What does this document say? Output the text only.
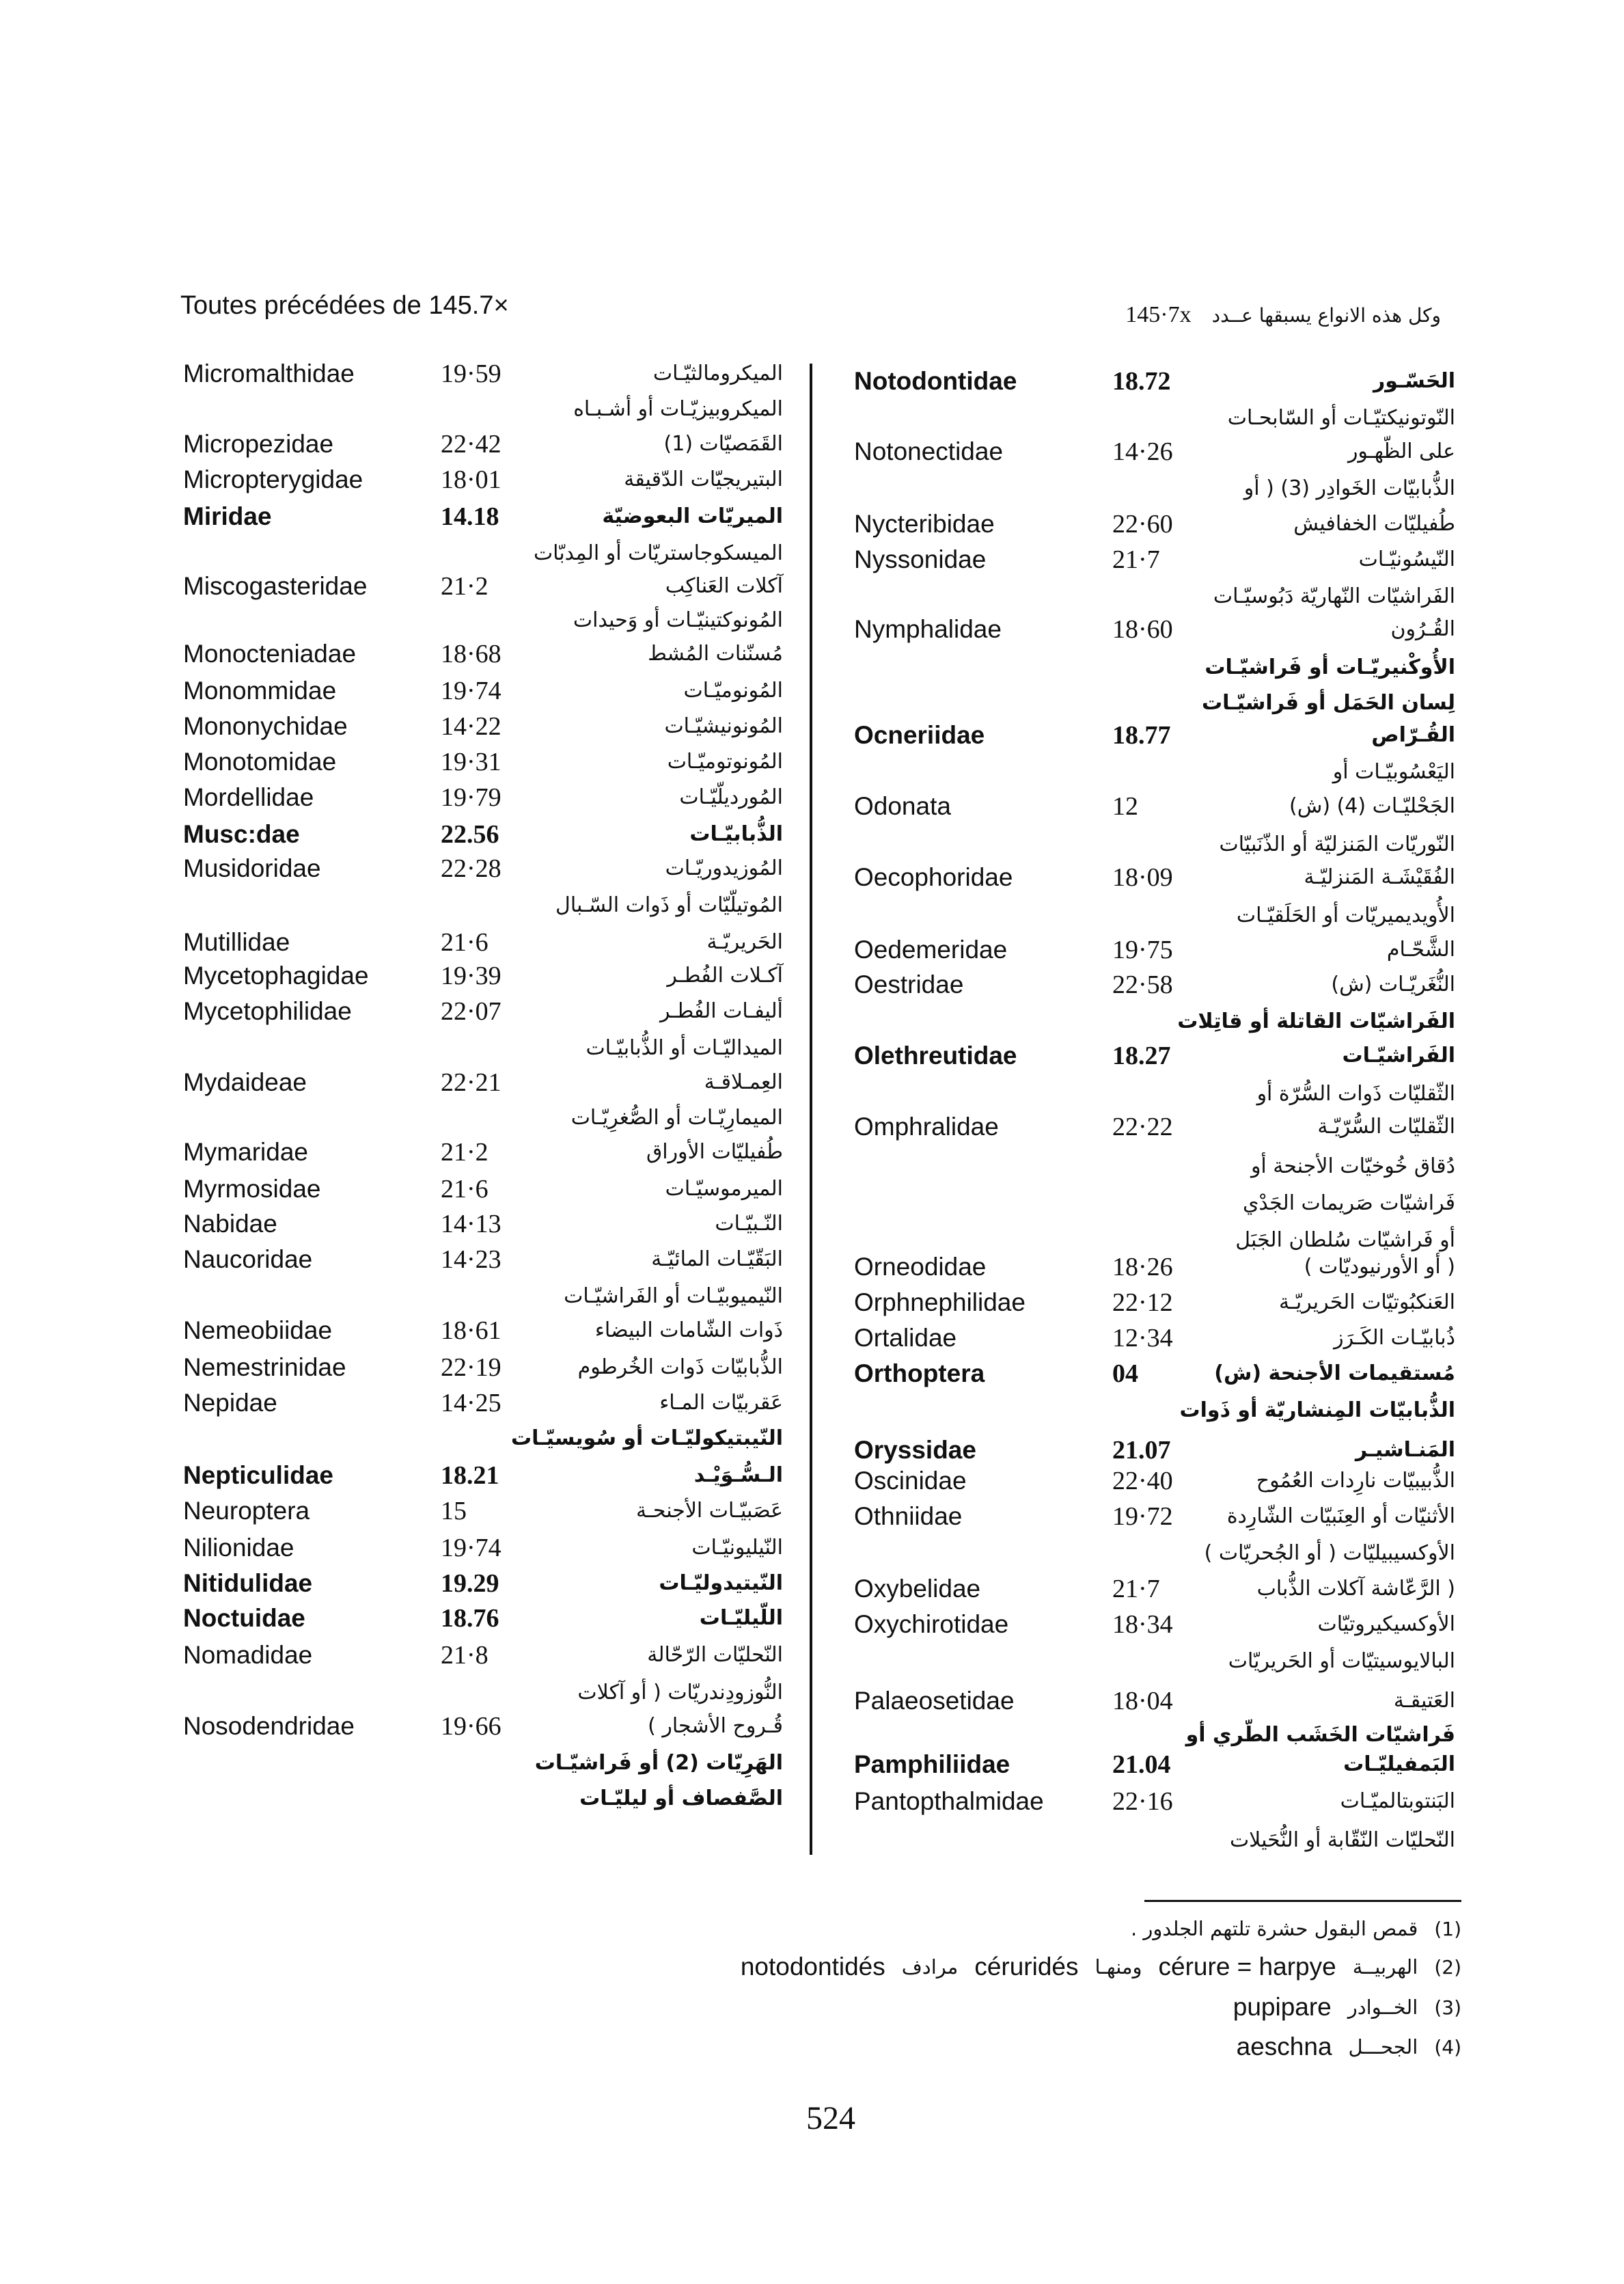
Toutes précédées de 145.7×	وكل هذه الانواع يسبقها عــدد
145·7x
Micromalthidae	19·59	الميكرومالثيّـات
الميكروبيزيّـات أو أشـبـاه
Micropezidae	22·42	القَمَصيّات (1)
Micropterygidae	18·01	البتيريجيّات الدّقيقة
Miridae	14.18	الميريّات البعوضيّة
الميسكوجاستريّات أو المِدبّات
Miscogasteridae	21·2	آكلات العَناكِب
المُونوكتينيّـات أو وَحيدات
Monocteniadae	18·68	مُسنّنات المُشط
Monommidae	19·74	المُونوميّـات
Mononychidae	14·22	المُونونيشيّـات
Monotomidae	19·31	المُونوتوميّـات
Mordellidae	19·79	المُورديلّيّـات
Musc:dae	22.56	الذُّبابيّـات
Musidoridae	22·28	المُوزيدوريّـات
المُوتيلّيّات أو ذَوات السّـبال
Mutillidae	21·6	الحَريريّـة
Mycetophagidae	19·39	آكـلات الفُطـر
Mycetophilidae	22·07	أليفـات الفُطـر
الميداليّـات أو الذُّبابيّـات
Mydaideae	22·21	العِمـلاقـة
الميمارِيّـات أو الصُّغرِيّـات
Mymaridae	21·2	طُفيليّات الأوراق
Myrmosidae	21·6	الميرموسيّـات
Nabidae	14·13	النّـبيّـات
Naucoridae	14·23	البَقّيّـات المائيّـة
النّيميوبيّـات أو الفَراشيّـات
Nemeobiidae	18·61	ذَوات الشّامات البيضاء
Nemestrinidae	22·19	الذُّبابيّات ذَوات الخُرطوم
Nepidae	14·25	عَقربيّات المـاء
النّيبتيكوليّـات أو سُويسيّـات
Nepticulidae	18.21	الـسُّـوَيْـد
Neuroptera	15	عَصَبيّـات الأجنحـة
Nilionidae	19·74	النّيليونيّـات
Nitidulidae	19.29	النّيتيدوليّـات
Noctuidae	18.76	اللّيليّـات
Nomadidae	21·8	النّحليّات الرّحّالة
النُّوزودِندريّات ( أو آكلات
Nosodendridae	19·66	قُـروح الأشجار )
الهَرِيّات (2) أو فَراشيّـات
الصَّفصاف أو ليليّـات
Notodontidae	18.72	الحَسّـور
النّوتونيكتيّـات أو السّابحـات
Notonectidae	14·26	على الظّهـور
الذُّبابيّات الخَوادِر (3) ( أو
Nycteribidae	22·60	طُفيليّات الخفافيش
Nyssonidae	21·7	النّيسُونيّـات
الفَراشيّات النّهاريّة دَبُوسيّـات
Nymphalidae	18·60	القُـرُون
الأُوكْنيريّـات أو فَراشيّـات
لِسان الحَمَل أو فَراشيّـات
Ocneriidae	18.77	القُـرّاص
اليَعْسُوبيّـات أو
Odonata	12	الجَحْليّـات (4) (ش)
النّوريّات المَنزليّة أو الذّنَبيّات
Oecophoridae	18·09	الفُقَيْشَـة المَنزليّـة
الأُويديميريّات أو الحَلَقيّـات
Oedemeridae	19·75	الشَّحّـام
Oestridae	22·58	النُّغَريّـات (ش)
الفَراشيّات القاتلة أو قاتِلات
Olethreutidae	18.27	الفَراشيّـات
الثّقليّات ذَوات السُّرّة أو
Omphralidae	22·22	الثّقليّات السُّرّيّـة
دُقاق خُوخيّات الأجنحة أو
فَراشيّات صَريمات الجَدْي
أو فَراشيّات سُلطان الجَبَل
Orneodidae	18·26	( أو الأورنيوديّات )
Orphnephilidae	22·12	العَنكبُوتيّات الحَريريّـة
Ortalidae	12·34	ذُبابيّـات الكَـرَز
Orthoptera	04	مُستقيمات الأجنحة (ش)
الذُّبابيّات المِنشاريّة أو ذَوات
Oryssidae	21.07	المَنـاشيـر
Oscinidae	22·40	الذُّبيبيّات نارِدات العُمُوح
Othniidae	19·72	الأثنيّات أو العِنَبيّات الشّارِدة
الأوكسيبيليّات ( أو الجُحريّات )
Oxybelidae	21·7	( الرَّعّاشة آكلات الذُّباب
Oxychirotidae	18·34	الأوكسيكيروتيّات
البالايوسيتيّات أو الحَريريّات
Palaeosetidae	18·04	العَتيقـة
فَراشيّات الخَشَب الطّري أو
Pamphiliidae	21.04	البَمفيليّـات
Pantopthalmidae	22·16	البَنتوبتالميّـات
النّحليّات النّقّابة أو النُّحَيلات
(1)
قمص البقول حشرة تلتهم الجلدور .
(2)
الهربيــة
cérure = harpye
ومنهـا
céruridés
مرادف
notodontidés
(3)
الخــوادر
pupipare
(4)
الجحـــل
aeschna
524
